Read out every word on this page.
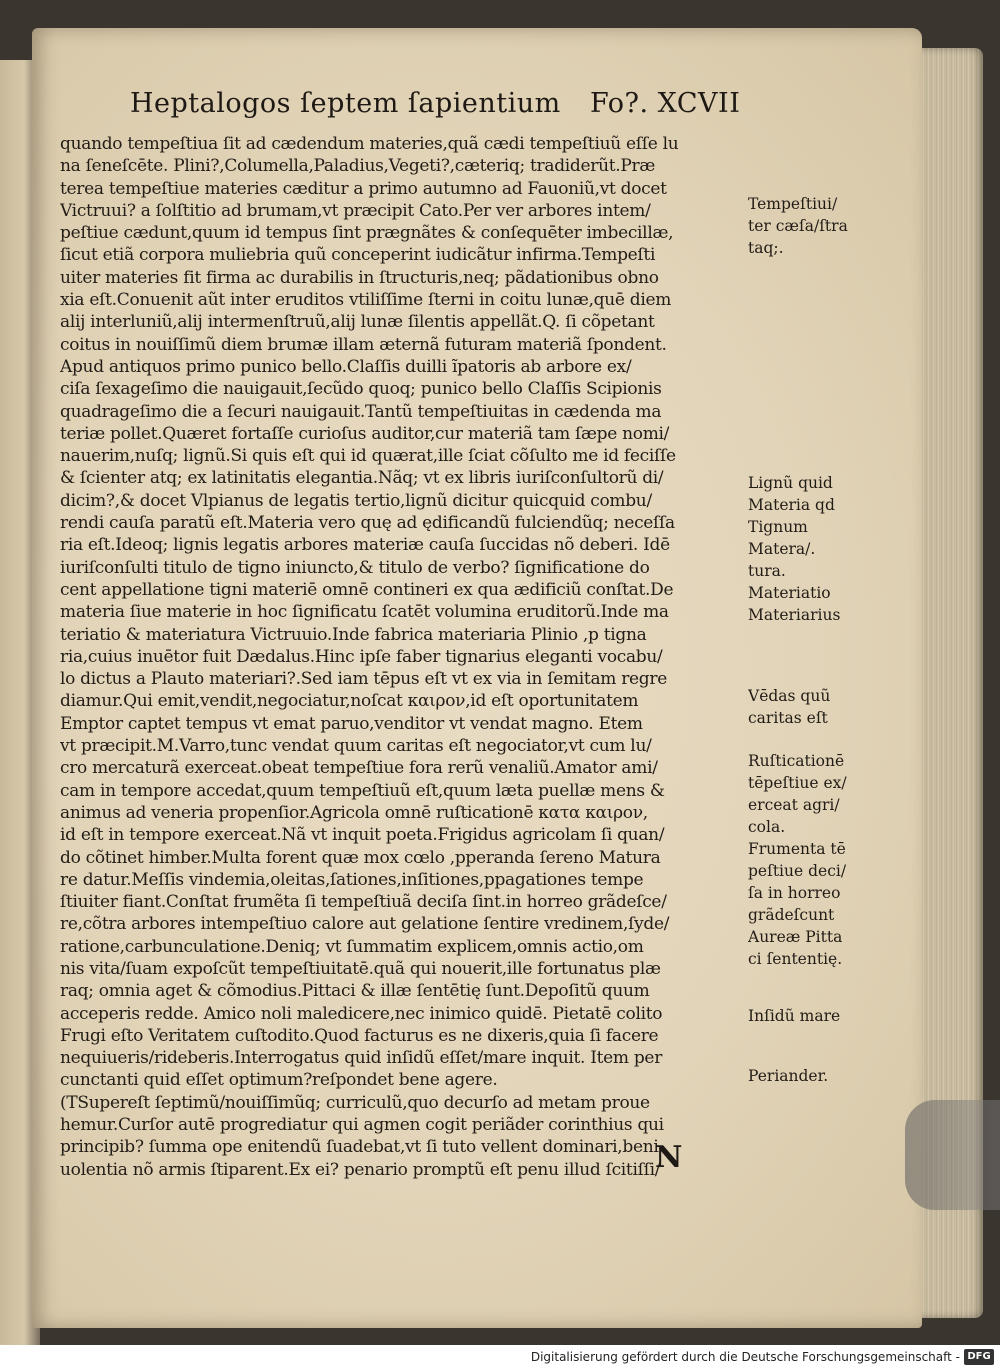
Heptalogos ſeptem ſapientium	Fo?. XCVII
quando tempeſtiua ſit ad cædendum materies,quã cædi tempeſtiuũ eſſe lu
na ſeneſcēte. Plini?,Columella,Paladius,Vegeti?,cæteriq; tradiderũt.Præ
terea tempeſtiue materies cæditur a primo autumno ad Fauoniũ,vt docet
Victruui? a ſolſtitio ad brumam,vt præcipit Cato.Per ver arbores intem/
peſtiue cædunt,quum id tempus ſint prægnãtes & conſequēter imbecillæ,
ſicut etiã corpora muliebria quũ conceperint iudicãtur infirma.Tempeſti
uiter materies fit firma ac durabilis in ſtructuris,neq; pãdationibus obno
xia eſt.Conuenit aũt inter eruditos vtiliſſime ſterni in coitu lunæ,quē diem
alij interluniũ,alij intermenſtruũ,alij lunæ ſilentis appellãt.Q. ſi cõpetant
coitus in nouiſſimũ diem brumæ illam æternã futuram materiã ſpondent.
Apud antiquos primo punico bello.Claſſis duilli ĩpatoris ab arbore ex/
ciſa ſexageſimo die nauigauit,ſecũdo quoq; punico bello Claſſis Scipionis
quadrageſimo die a ſecuri nauigauit.Tantũ tempeſtiuitas in cædenda ma
teriæ pollet.Quæret fortaſſe curioſus auditor,cur materiã tam ſæpe nomi/
nauerim,nuſq; lignũ.Si quis eſt qui id quærat,ille ſciat cõſulto me id feciſſe
& ſcienter atq; ex latinitatis elegantia.Nãq; vt ex libris iuriſconſultorũ di/
dicim?,& docet Vlpianus de legatis tertio,lignũ dicitur quicquid combu/
rendi cauſa paratũ eſt.Materia vero quę ad ędificandũ fulciendũq; neceſſa
ria eſt.Ideoq; lignis legatis arbores materiæ cauſa ſuccidas nõ deberi. Idē
iuriſconſulti titulo de tigno iniuncto,& titulo de verbo? ſignificatione do
cent appellatione tigni materiē omnē contineri ex qua ædificiũ conſtat.De
materia ſiue materie in hoc ſignificatu ſcatēt volumina eruditorũ.Inde ma
teriatio & materiatura Victruuio.Inde fabrica materiaria Plinio ,p tigna
ria,cuius inuētor fuit Dædalus.Hinc ipſe faber tignarius eleganti vocabu/
lo dictus a Plauto materiari?.Sed iam tēpus eſt vt ex via in ſemitam regre
diamur.Qui emit,vendit,negociatur,noſcat καιρον,id eſt oportunitatem
Emptor captet tempus vt emat paruo,venditor vt vendat magno. Etem
vt præcipit.M.Varro,tunc vendat quum caritas eſt negociator,vt cum lu/
cro mercaturã exerceat.obeat tempeſtiue fora rerũ venaliũ.Amator ami/
cam in tempore accedat,quum tempeſtiuũ eſt,quum læta puellæ mens &
animus ad veneria propenſior.Agricola omnē ruſticationē κατα καιρον,
id eſt in tempore exerceat.Nã vt inquit poeta.Frigidus agricolam ſi quan/
do cõtinet himber.Multa forent quæ mox cœlo ,pperanda ſereno Matura
re datur.Meſſis vindemia,oleitas,ſationes,inſitiones,ppagationes tempe
ſtiuiter fiant.Conſtat frumẽta ſi tempeſtiuã deciſa ſint.in horreo grãdeſce/
re,cõtra arbores intempeſtiuo calore aut gelatione ſentire vredinem,ſyde/
ratione,carbunculatione.Deniq; vt ſummatim explicem,omnis actio,om
nis vita/ſuam expoſcũt tempeſtiuitatē.quã qui nouerit,ille fortunatus plæ
raq; omnia aget & cõmodius.Pittaci & illæ ſentētię ſunt.Depoſitũ quum
acceperis redde. Amico noli maledicere,nec inimico quidē. Pietatē colito
Frugi eſto Veritatem cuſtodito.Quod facturus es ne dixeris,quia ſi facere
nequiueris/rideberis.Interrogatus quid inſidũ eſſet/mare inquit. Item per
cunctanti quid eſſet optimum?reſpondet bene agere.
(TSupereſt ſeptimũ/nouiſſimũq; curriculũ,quo decurſo ad metam proue
hemur.Curſor autē progrediatur qui agmen cogit periãder corinthius qui
principib? ſumma ope enitendũ ſuadebat,vt ſi tuto vellent dominari,beni
uolentia nõ armis ſtiparent.Ex ei? penario promptũ eſt penu illud ſcitiſſi/
Tempeſtiui/
ter cæſa/ſtra
taq;.
Lignũ quid
Materia qd
Tignum
Matera/.
tura.
Materiatio
Materiarius
Vēdas quũ
caritas eſt
Ruſticationē
tēpeſtiue ex/
erceat agri/
cola.
Frumenta tē
peſtiue deci/
ſa in horreo
grãdeſcunt
Aureæ Pitta
ci ſententię.
Inſidũ mare
Periander.
N
Digitalisierung gefördert durch die Deutsche Forschungsgemeinschaft - DFG
